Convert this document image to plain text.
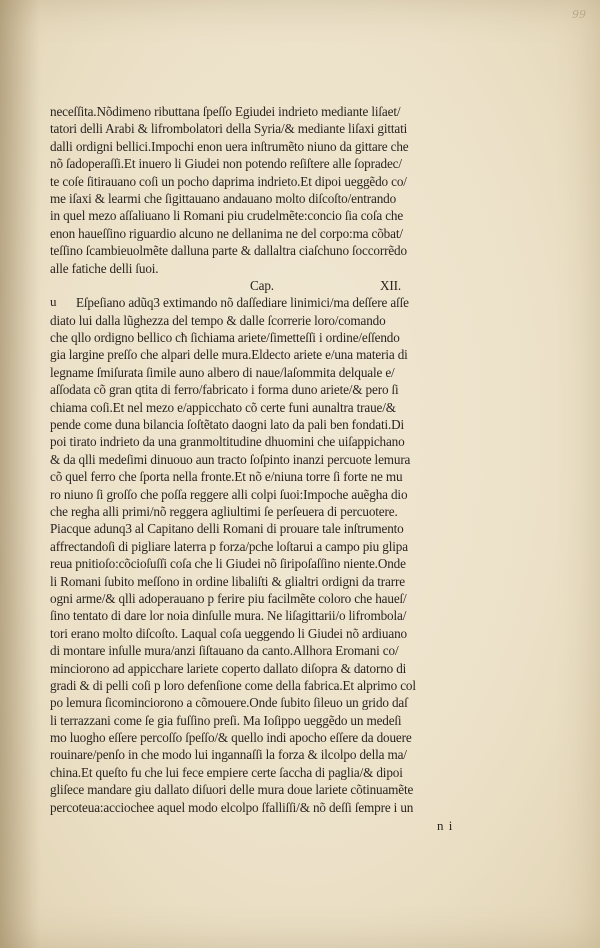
99
neceſſita.Nõdimeno ributtana ſpeſſo Egiudei indrieto mediante liſaet/
tatori delli Arabi & lifrombolatori della Syria/& mediante liſaxi gittati
dalli ordigni bellici.Impochi enon uera inſtrumẽto niuno da gittare che
nõ ſadoperaſſi.Et inuero li Giudei non potendo reſiſtere alle ſopradec/
te coſe ſitirauano coſi un pocho daprima indrieto.Et dipoi ueggẽdo co/
me iſaxi & learmi che ſigittauano andauano molto diſcoſto/entrando
in quel mezo aſſaliuano li Romani piu crudelmẽte:concio ſia coſa che
enon haueſſino riguardio alcuno ne dellanima ne del corpo:ma cõbat/
teſſino ſcambieuolmẽte dalluna parte & dallaltra ciaſchuno ſoccorrẽdo
alle fatiche delli ſuoi.
Cap.	XII.
u	Eſpeſiano adũq3 extimando nõ daſſediare linimici/ma deſſere aſſe
diato lui dalla lũghezza del tempo & dalle ſcorrerie loro/comando
che qllo ordigno bellico cħ ſichiama ariete/ſimetteſſi i ordine/eſſendo
gia largine preſſo che alpari delle mura.Eldecto ariete e/una materia di
legname ſmiſurata ſimile auno albero di naue/laſommita delquale e/
aſſodata cõ gran qtita di ferro/fabricato i forma duno ariete/& pero ſi
chiama coſi.Et nel mezo e/appicchato cõ certe funi aunaltra traue/&
pende come duna bilancia ſoſtẽtato daogni lato da pali ben fondati.Di
poi tirato indrieto da una granmoltitudine dhuomini che uiſappichano
& da qlli medeſimi dinuouo aun tracto ſoſpinto inanzi percuote lemura
cõ quel ferro che ſporta nella fronte.Et nõ e/niuna torre ſi forte ne mu
ro niuno ſi groſſo che poſſa reggere alli colpi ſuoi:Impoche auẽgha dio
che regha alli primi/nõ reggera agliultimi ſe perſeuera di percuotere.
Piacque adunq3 al Capitano delli Romani di prouare tale inſtrumento
affrectandoſi di pigliare laterra p forza/pche loſtarui a campo piu glipa
reua pnitioſo:cõcioſuſſi coſa che li Giudei nõ ſiripoſaſſino niente.Onde
li Romani ſubito meſſono in ordine libaliſti & glialtri ordigni da trarre
ogni arme/& qlli adoperauano p ferire piu facilmẽte coloro che haueſ/
ſino tentato di dare lor noia dinſulle mura. Ne liſagittarii/o lifrombola/
tori erano molto diſcoſto. Laqual coſa ueggendo li Giudei nõ ardiuano
di montare inſulle mura/anzi ſiſtauano da canto.Allhora Eromani co/
minciorono ad appicchare lariete coperto dallato diſopra & datorno di
gradi & di pelli coſi p loro defenſione come della fabrica.Et alprimo col
po lemura ſicominciorono a cõmouere.Onde ſubito ſileuo un grido daſ
li terrazzani come ſe gia fuſſino preſi. Ma Ioſippo ueggẽdo un medeſi
mo luogho eſſere percoſſo ſpeſſo/& quello indi apocho eſſere da douere
rouinare/penſo in che modo lui ingannaſſi la forza & ilcolpo della ma/
china.Et queſto fu che lui fece empiere certe ſaccha di paglia/& dipoi
gliſece mandare giu dallato diſuori delle mura doue lariete cõtinuamẽte
percoteua:acciochee aquel modo elcolpo ſfalliſſi/& nõ deſſi ſempre i un
n i
